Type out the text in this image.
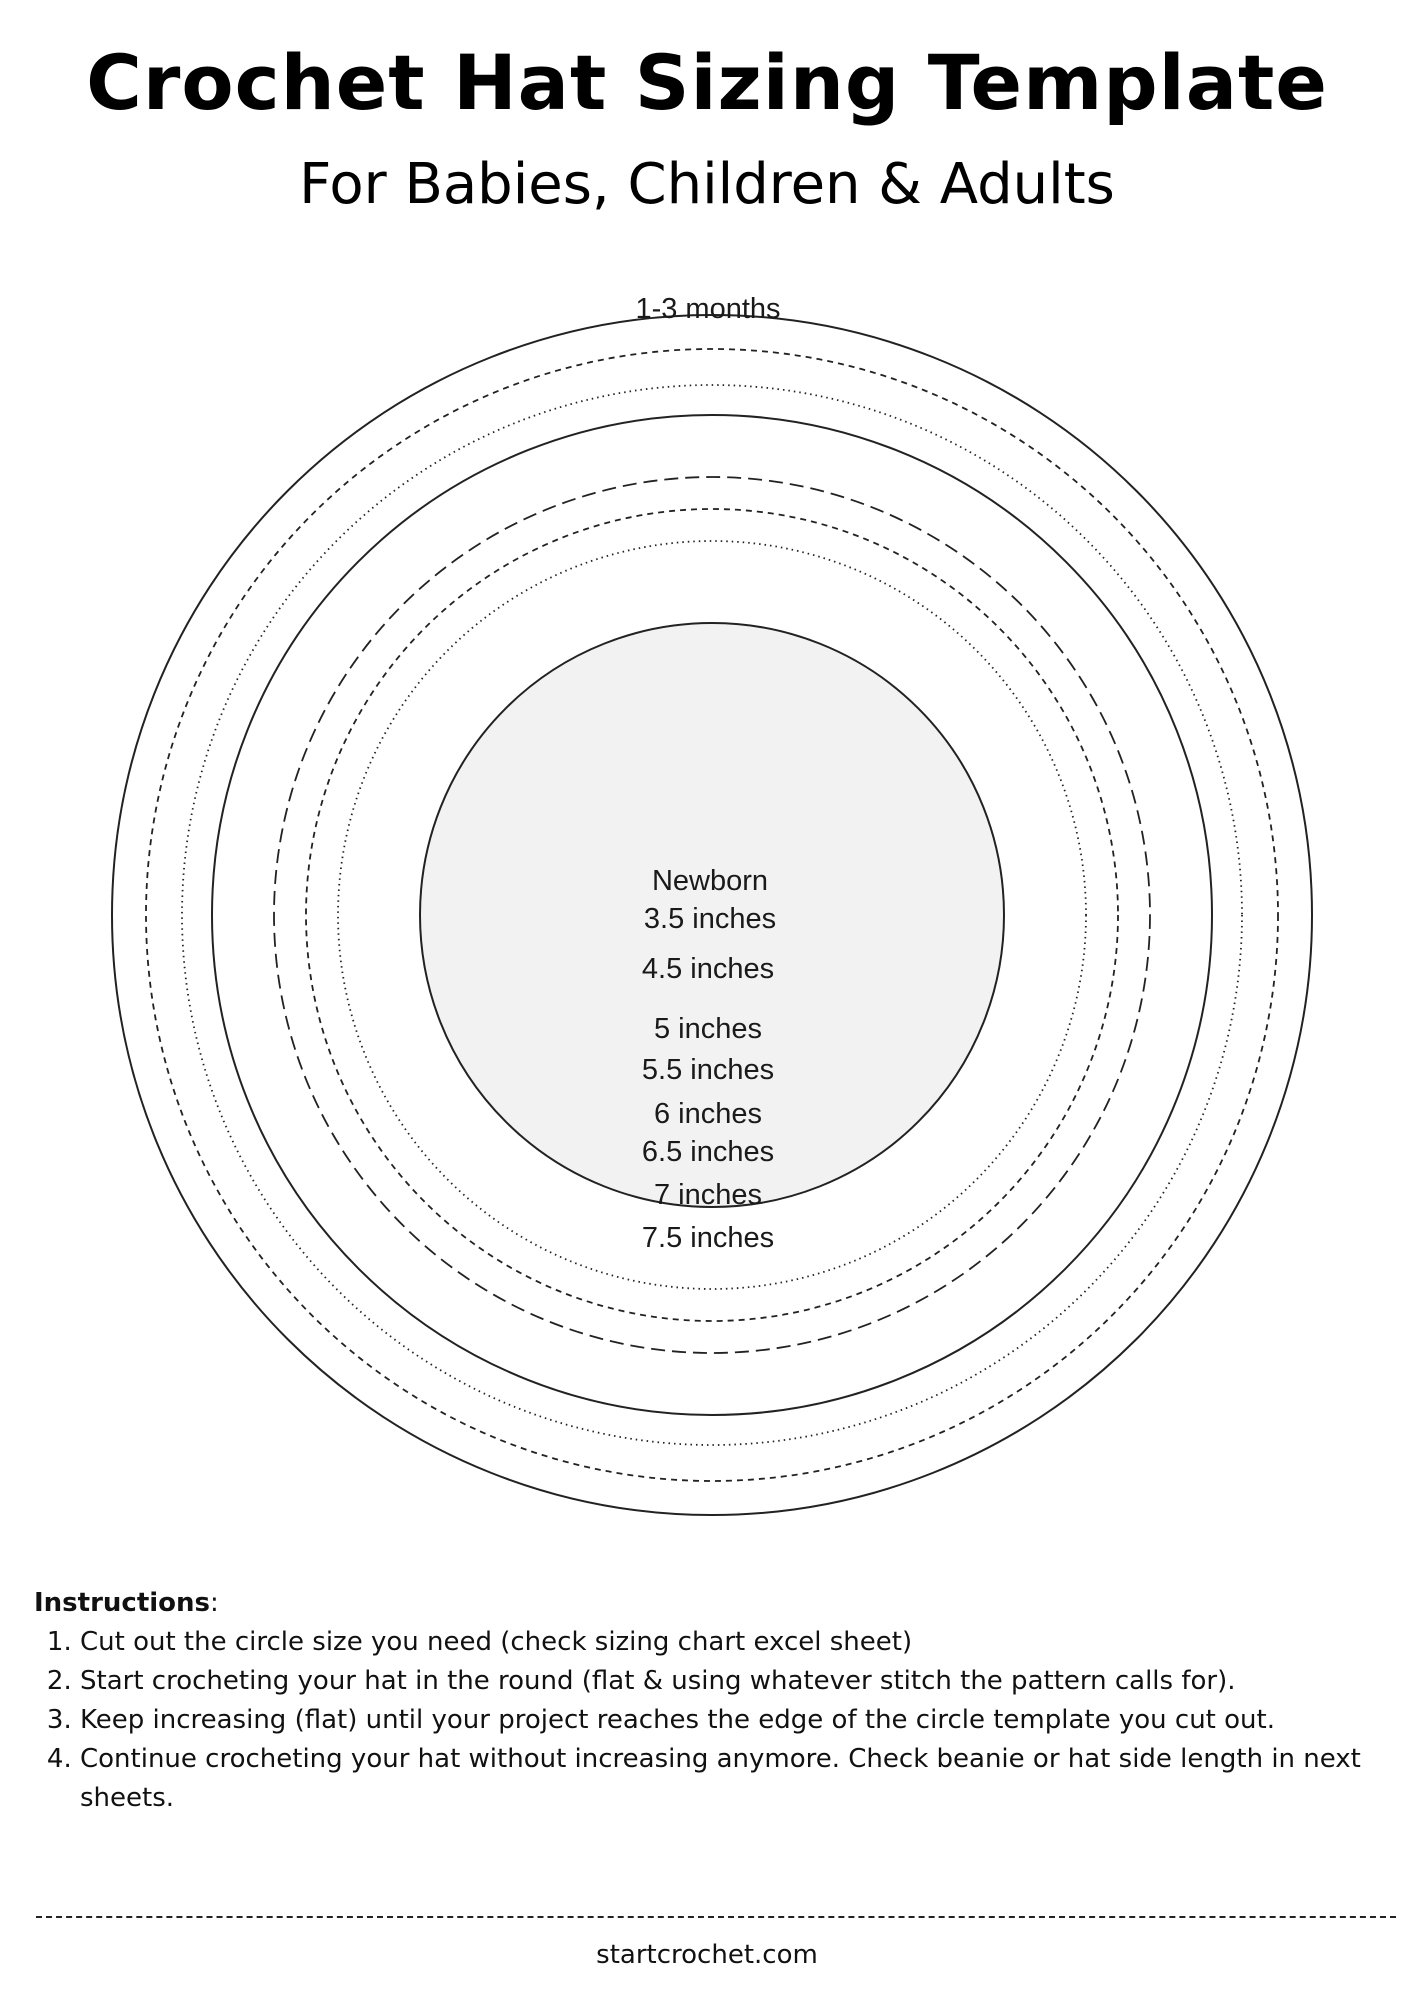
Crochet Hat Sizing Template
For Babies, Children & Adults
Newborn
3.5 inches
1-3 months
4.5 inches
5 inches
5.5 inches
6 inches
6.5 inches
7 inches
7.5 inches
Instructions:
1. Cut out the circle size you need (check sizing chart excel sheet)
2. Start crocheting your hat in the round (flat & using whatever stitch the pattern calls for).
3. Keep increasing (flat) until your project reaches the edge of the circle template you cut out.
4. Continue crocheting your hat without increasing anymore. Check beanie or hat side length in next sheets.
startcrochet.com
